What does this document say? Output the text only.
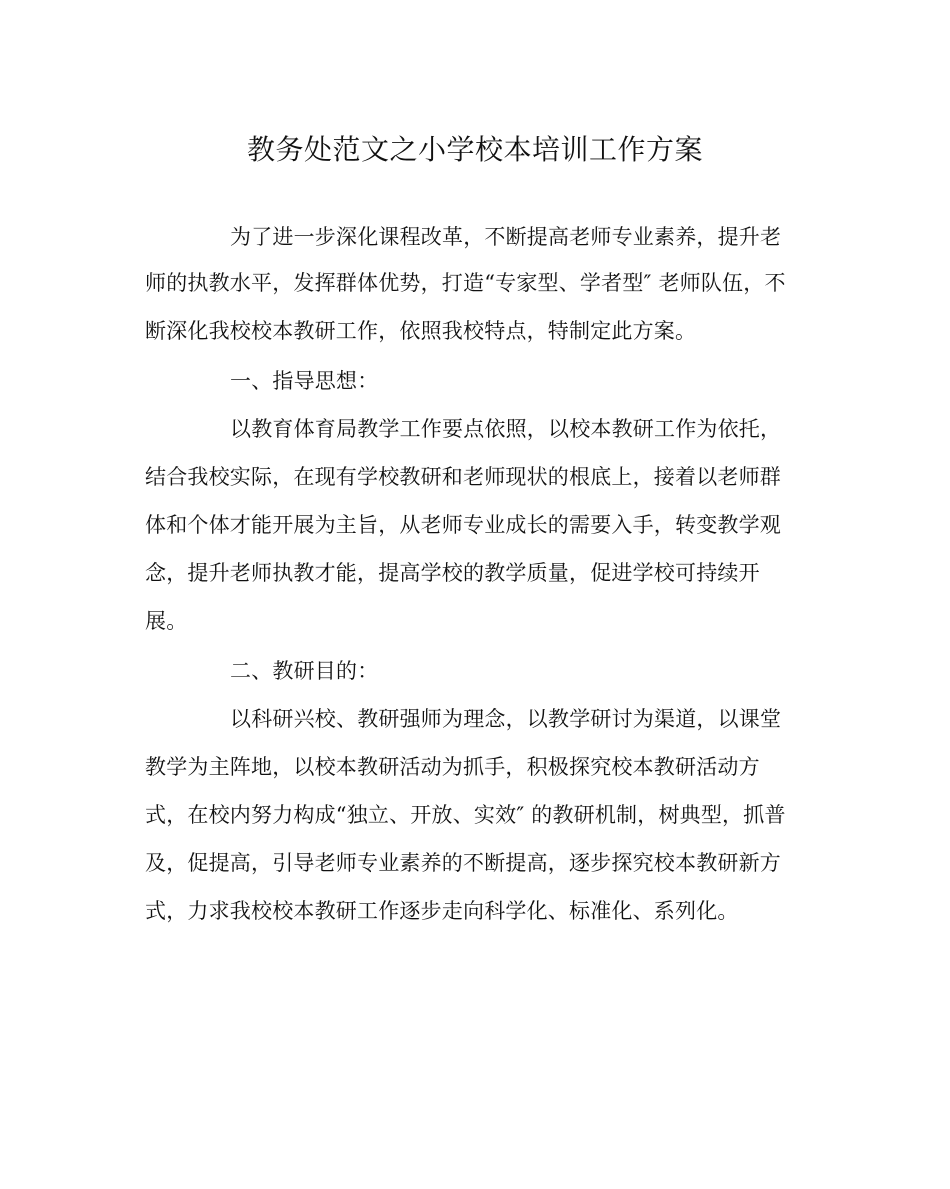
教务处范文之小学校本培训工作方案
为了进一步深化课程改革，不断提高老师专业素养，提升老
师的执教水平，发挥群体优势，打造“专家型、学者型″ 老师队伍，不
断深化我校校本教研工作，依照我校特点，特制定此方案。
一、指导思想：
以教育体育局教学工作要点依照，以校本教研工作为依托，
结合我校实际，在现有学校教研和老师现状的根底上，接着以老师群
体和个体才能开展为主旨，从老师专业成长的需要入手，转变教学观
念，提升老师执教才能，提高学校的教学质量，促进学校可持续开
展。
二、教研目的：
以科研兴校、教研强师为理念，以教学研讨为渠道，以课堂
教学为主阵地，以校本教研活动为抓手，积极探究校本教研活动方
式，在校内努力构成“独立、开放、实效″ 的教研机制，树典型，抓普
及，促提高，引导老师专业素养的不断提高，逐步探究校本教研新方
式，力求我校校本教研工作逐步走向科学化、标准化、系列化。
